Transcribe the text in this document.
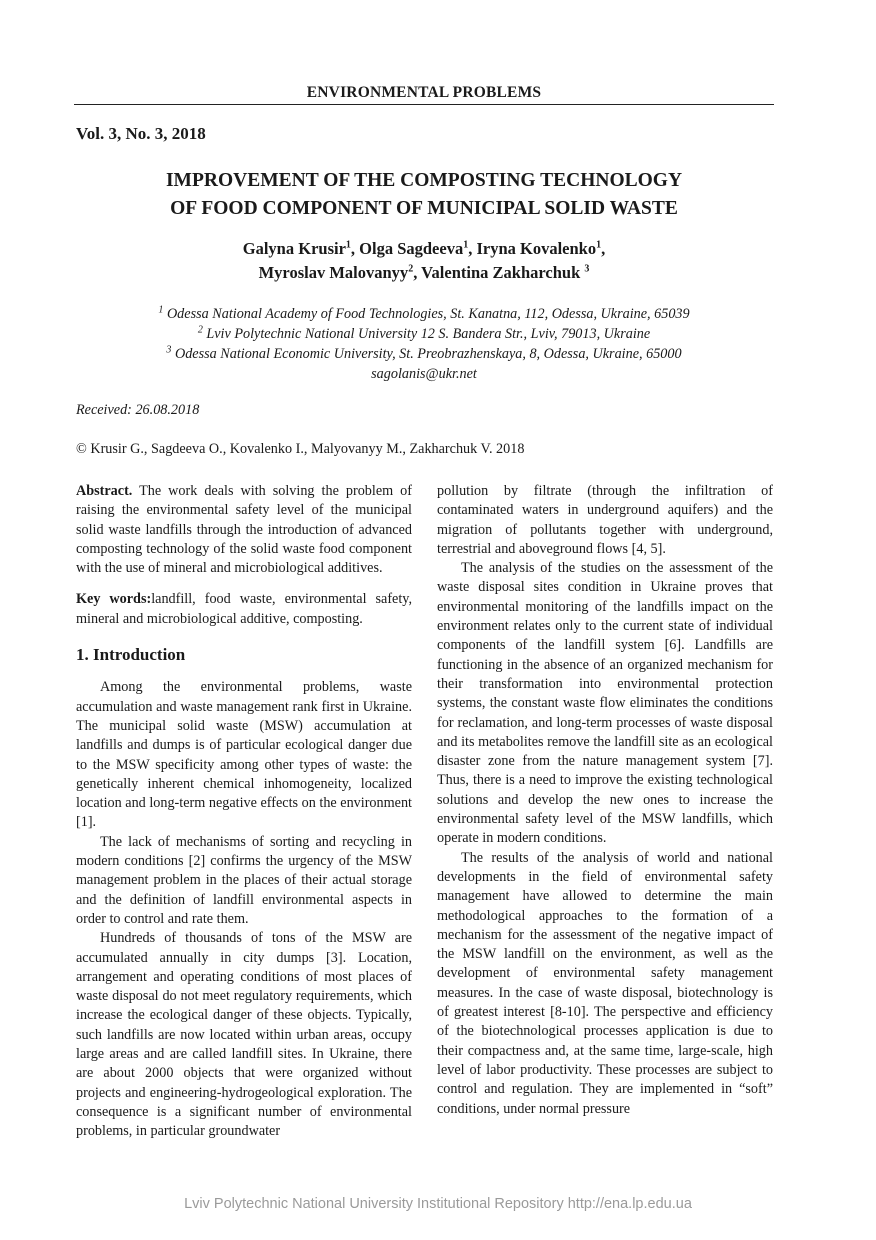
ENVIRONMENTAL PROBLEMS
Vol. 3, No. 3, 2018
IMPROVEMENT OF THE COMPOSTING TECHNOLOGY
OF FOOD COMPONENT OF MUNICIPAL SOLID WASTE
Galyna Krusir$^1$, Olga Sagdeeva$^1$, Iryna Kovalenko$^1$,
Myroslav Malovanyy$^2$, Valentina Zakharchuk $^3$
$^1$ Odessa National Academy of Food Technologies, St. Kanatna, 112, Odessa, Ukraine, 65039
$^2$ Lviv Polytechnic National University 12 S. Bandera Str., Lviv, 79013, Ukraine
$^3$ Odessa National Economic University, St. Preobrazhenskaya, 8, Odessa, Ukraine, 65000
sagolanis@ukr.net
Received: 26.08.2018
© Krusir G., Sagdeeva O., Kovalenko I., Malyovanyy M., Zakharchuk V. 2018

Abstract. The work deals with solving the problem of raising the environmental safety level of the municipal solid waste landfills through the introduction of advanced composting technology of the solid waste food component with the use of mineral and microbiological additives.

Key words:landfill, food waste, environmental safety, mineral and microbiological additive, composting.

1. Introduction

Among the environmental problems, waste accumulation and waste management rank first in Ukraine. The municipal solid waste (MSW) accumulation at landfills and dumps is of particular ecological danger due to the MSW specificity among other types of waste: the genetically inherent chemical inhomogeneity, localized location and long-term negative effects on the environment [1].

The lack of mechanisms of sorting and recycling in modern conditions [2] confirms the urgency of the MSW management problem in the places of their actual storage and the definition of landfill environmental aspects in order to control and rate them.

Hundreds of thousands of tons of the MSW are accumulated annually in city dumps [3]. Location, arrangement and operating conditions of most places of waste disposal do not meet regulatory requirements, which increase the ecological danger of these objects. Typically, such landfills are now located within urban areas, occupy large areas and are called landfill sites. In Ukraine, there are about 2000 objects that were organized without projects and engineering-hydrogeological exploration. The consequence is a significant number of environmental problems, in particular groundwater

pollution by filtrate (through the infiltration of contaminated waters in underground aquifers) and the migration of pollutants together with underground, terrestrial and aboveground flows [4, 5].

The analysis of the studies on the assessment of the waste disposal sites condition in Ukraine proves that environmental monitoring of the landfills impact on the environment relates only to the current state of individual components of the landfill system [6]. Landfills are functioning in the absence of an organized mechanism for their transformation into environmental protection systems, the constant waste flow eliminates the conditions for reclamation, and long-term processes of waste disposal and its metabolites remove the landfill site as an ecological disaster zone from the nature management system [7]. Thus, there is a need to improve the existing technological solutions and develop the new ones to increase the environmental safety level of the MSW landfills, which operate in modern conditions.

The results of the analysis of world and national developments in the field of environmental safety management have allowed to determine the main methodological approaches to the formation of a mechanism for the assessment of the negative impact of the MSW landfill on the environment, as well as the development of environmental safety management measures. In the case of waste disposal, biotechnology is of greatest interest [8-10]. The perspective and efficiency of the biotechnological processes application is due to their compactness and, at the same time, large-scale, high level of labor productivity. These processes are subject to control and regulation. They are implemented in “soft” conditions, under normal pressure

Lviv Polytechnic National University Institutional Repository http://ena.lp.edu.ua
